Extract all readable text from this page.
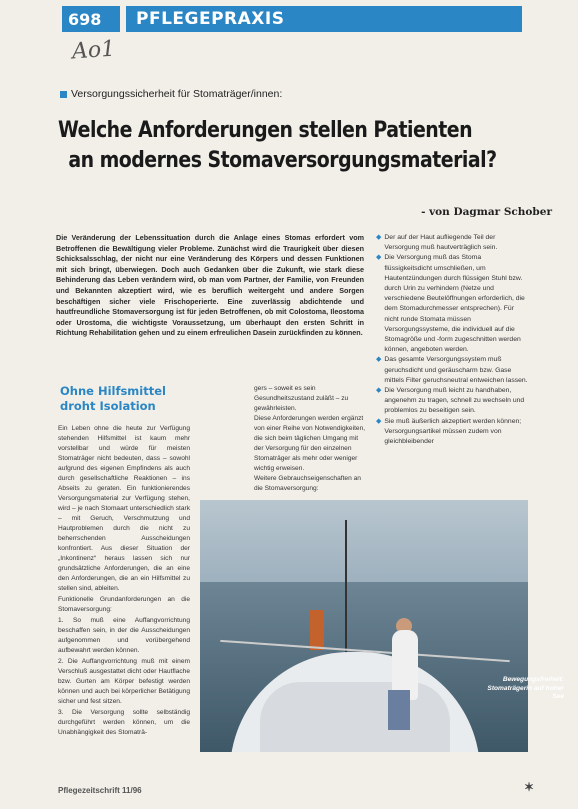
698	PFLEGEPRAXIS
Ao1
Versorgungssicherheit für Stomaträger/innen:
Welche Anforderungen stellen Patienten
an modernes Stomaversorgungsmaterial?
- von Dagmar Schober

Die Veränderung der Lebenssituation durch die Anlage eines Stomas erfordert vom Betroffenen die Bewältigung vieler Probleme. Zunächst wird die Traurigkeit über diesen Schicksalsschlag, der nicht nur eine Veränderung des Körpers und dessen Funktionen mit sich bringt, überwiegen. Doch auch Gedanken über die Zukunft, wie stark diese Behinderung das Leben verändern wird, ob man vom Partner, der Familie, von Freunden und Bekannten akzeptiert wird, wie es beruflich weitergeht und andere Sorgen beschäftigen sicher viele Frischoperierte. Eine zuverlässig abdichtende und hautfreundliche Stomaversorgung ist für jeden Betroffenen, ob mit Colostoma, Ileostoma oder Urostoma, die wichtigste Voraussetzung, um überhaupt den ersten Schritt in Richtung Rehabilitation gehen und zu einem erfreulichen Dasein zurückfinden zu können.

◆ Der auf der Haut aufliegende Teil der Versorgung muß hautverträglich sein.
◆ Die Versorgung muß das Stoma flüssigkeitsdicht umschließen, um Hautentzündungen durch flüssigen Stuhl bzw. durch Urin zu verhindern (Netze und verschiedene Beutelöffnungen erforderlich, die dem Stomadurchmesser entsprechen). Für nicht runde Stomata müssen Versorgungssysteme, die individuell auf die Stomagröße und -form zugeschnitten werden können, angeboten werden.
◆ Das gesamte Versorgungssystem muß geruchsdicht und geräuscharm bzw. Gase mittels Filter geruchsneutral entweichen lassen.
◆ Die Versorgung muß leicht zu handhaben, angenehm zu tragen, schnell zu wechseln und problemlos zu beseitigen sein.
◆ Sie muß äußerlich akzeptiert werden können; Versorgungsartikel müssen zudem von gleichbleibender
Ohne Hilfsmittel droht Isolation

Ein Leben ohne die heute zur Verfügung stehenden Hilfsmittel ist kaum mehr vorstellbar und würde für meisten Stomaträger nicht bedeuten, dass – sowohl aufgrund des eigenen Empfindens als auch durch gesellschaftliche Reaktionen – ins Abseits zu geraten. Ein funktionierendes Versorgungsmaterial zur Verfügung stehen, wird – je nach Stomaart unterschiedlich stark – mit Geruch, Verschmutzung und Hautproblemen durch die nicht zu beherrschenden Ausscheidungen konfrontiert. Aus dieser Situation der „Inkontinenz“ heraus lassen sich nur grundsätzliche Anforderungen, die an eine den Anforderungen, die an ein Hilfsmittel zu stellen sind, ableiten.

Funktionelle Grundanforderungen an die Stomaversorgung:

1. So muß eine Auffangvorrichtung beschaffen sein, in der die Ausscheidungen aufgenommen und vorübergehend aufbewahrt werden können.

2. Die Auffangvorrichtung muß mit einem Verschluß ausgestattet dicht oder Hautflache bzw. Gurten am Körper befestigt werden können und auch bei körperlicher Betätigung sicher und fest sitzen.

3. Die Versorgung sollte selbständig durchgeführt werden können, um die Unabhängigkeit des Stomaträ-

gers – soweit es sein Gesundheitszustand zuläßt – zu gewährleisten.

Diese Anforderungen werden ergänzt von einer Reihe von Notwendigkeiten, die sich beim täglichen Umgang mit der Versorgung für den einzelnen Stomaträger als mehr oder weniger wichtig erweisen.

Weitere Gebrauchseigenschaften an die Stomaversorgung:

Bewegungsfreiheit: Stomaträgerin auf hoher See
Pflegezeitschrift 11/96	✶
